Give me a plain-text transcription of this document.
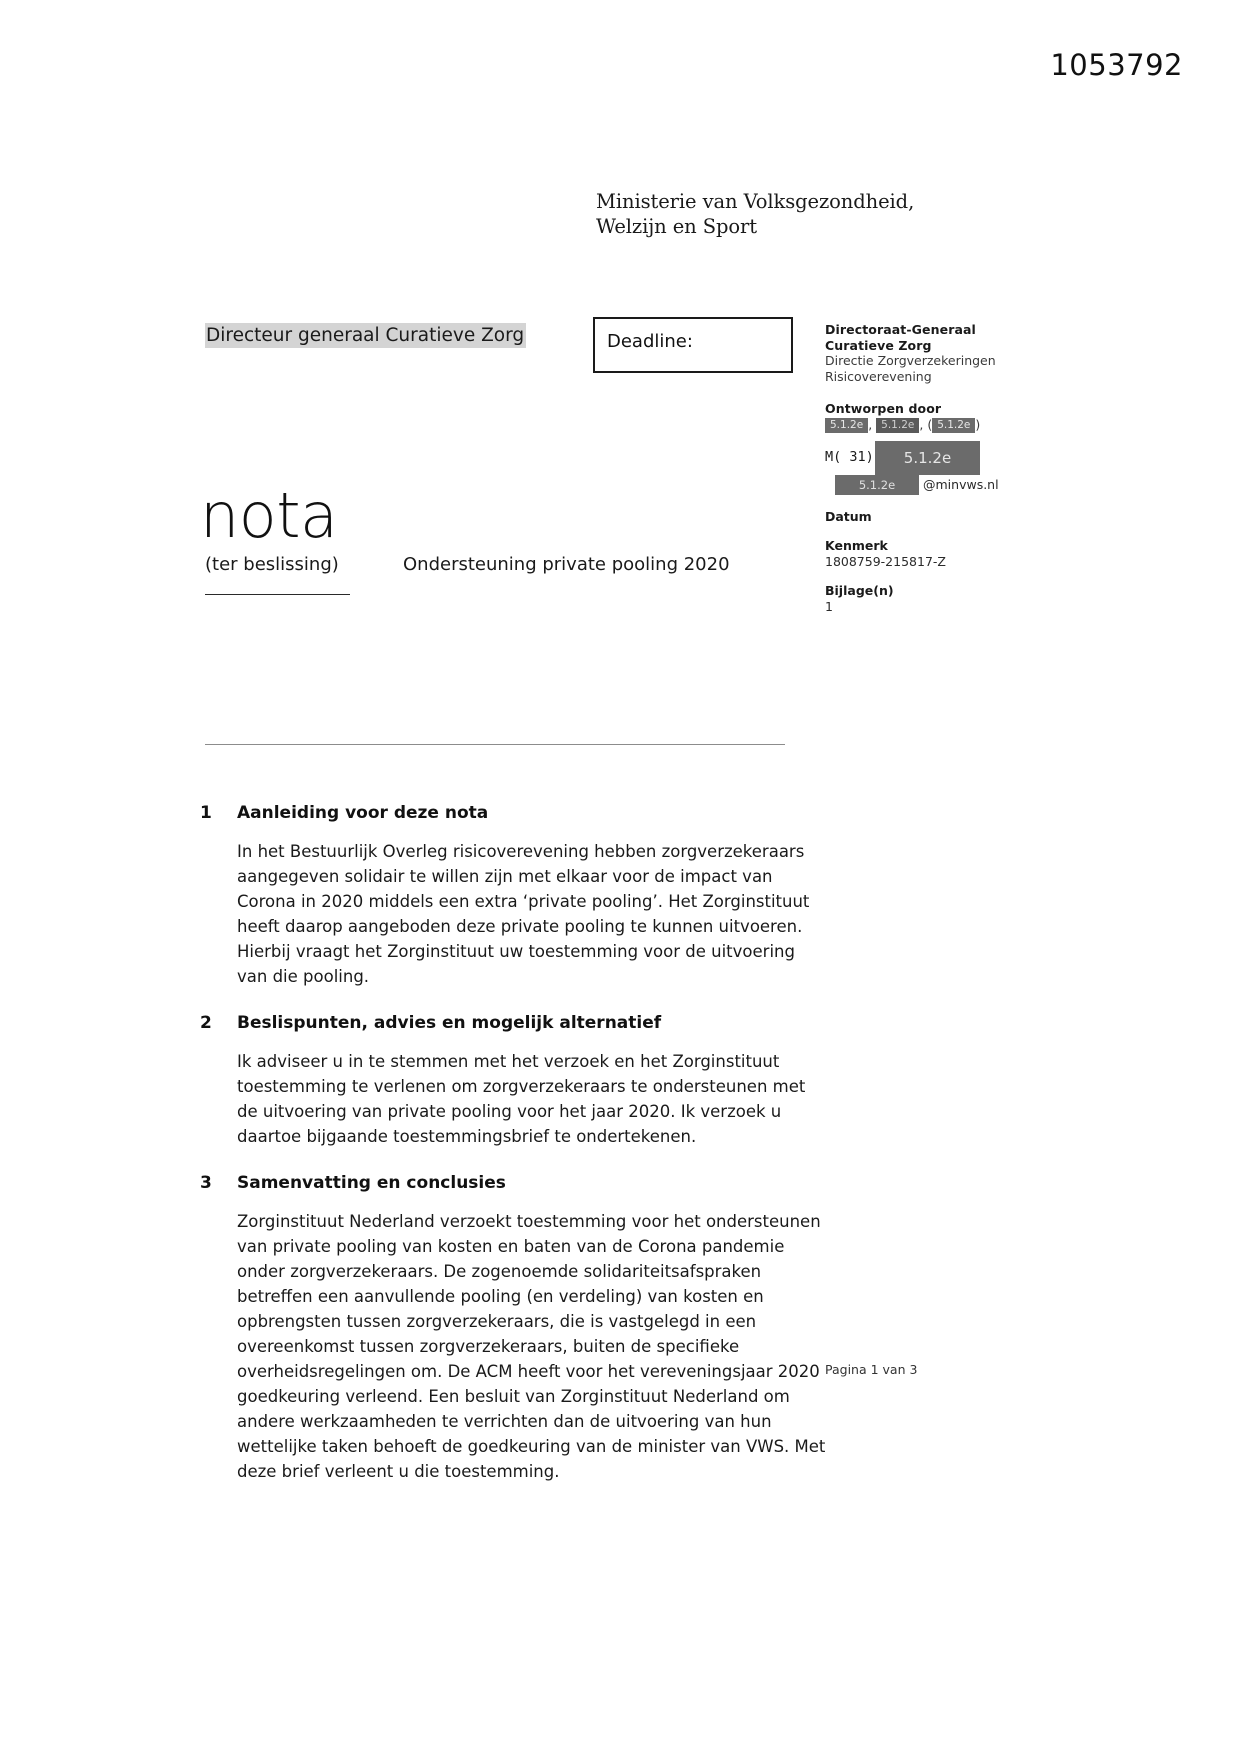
1053792
Ministerie van Volksgezondheid,
Welzijn en Sport
Directeur generaal Curatieve Zorg	Deadline:
Directoraat-Generaal
Curatieve Zorg
Directie Zorgverzekeringen
Risicoverevening
Ontworpen door
5.1.2e , 5.1.2e , ( 5.1.2e )
M( 31)	5.1.2e
5.1.2e	@minvws.nl
Datum
Kenmerk
1808759-215817-Z
Bijlage(n)
1
nota
(ter beslissing)	Ondersteuning private pooling 2020
1	Aanleiding voor deze nota
In het Bestuurlijk Overleg risicoverevening hebben zorgverzekeraars aangegeven solidair te willen zijn met elkaar voor de impact van Corona in 2020 middels een extra ‘private pooling’. Het Zorginstituut heeft daarop aangeboden deze private pooling te kunnen uitvoeren. Hierbij vraagt het Zorginstituut uw toestemming voor de uitvoering van die pooling.
2	Beslispunten, advies en mogelijk alternatief
Ik adviseer u in te stemmen met het verzoek en het Zorginstituut toestemming te verlenen om zorgverzekeraars te ondersteunen met de uitvoering van private pooling voor het jaar 2020. Ik verzoek u daartoe bijgaande toestemmingsbrief te ondertekenen.
3	Samenvatting en conclusies
Zorginstituut Nederland verzoekt toestemming voor het ondersteunen van private pooling van kosten en baten van de Corona pandemie onder zorgverzekeraars. De zogenoemde solidariteitsafspraken betreffen een aanvullende pooling (en verdeling) van kosten en opbrengsten tussen zorgverzekeraars, die is vastgelegd in een overeenkomst tussen zorgverzekeraars, buiten de specifieke overheidsregelingen om. De ACM heeft voor het vereveningsjaar 2020 goedkeuring verleend. Een besluit van Zorginstituut Nederland om andere werkzaamheden te verrichten dan de uitvoering van hun wettelijke taken behoeft de goedkeuring van de minister van VWS. Met deze brief verleent u die toestemming.
Pagina 1 van 3
